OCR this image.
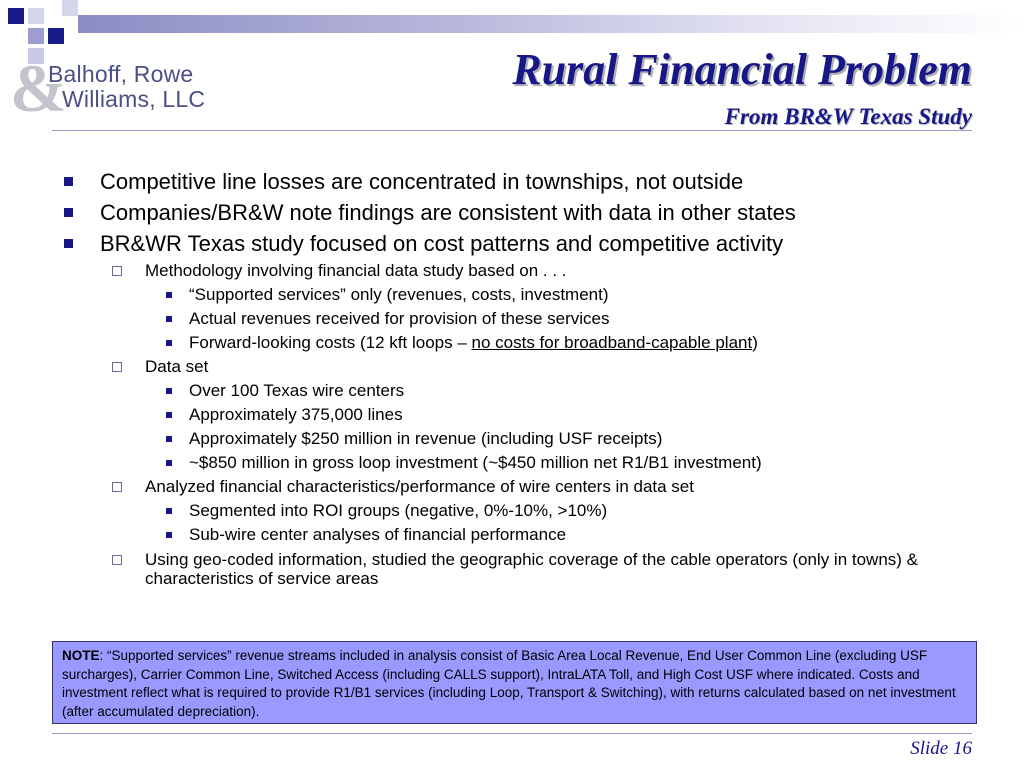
&
Balhoff, Rowe
Williams, LLC
Rural Financial Problem
From BR&W Texas Study
Competitive line losses are concentrated in townships, not outside
Companies/BR&W note findings are consistent with data in other states
BR&WR Texas study focused on cost patterns and competitive activity
Methodology involving financial data study based on . . .
“Supported services” only (revenues, costs, investment)
Actual revenues received for provision of these services
Forward-looking costs (12 kft loops – no costs for broadband-capable plant)
Data set
Over 100 Texas wire centers
Approximately 375,000 lines
Approximately $250 million in revenue (including USF receipts)
~$850 million in gross loop investment (~$450 million net R1/B1 investment)
Analyzed financial characteristics/performance of wire centers in data set
Segmented into ROI groups (negative, 0%-10%, >10%)
Sub-wire center analyses of financial performance
Using geo-coded information, studied the geographic coverage of the cable operators (only in towns) & characteristics of service areas
NOTE: “Supported services” revenue streams included in analysis consist of Basic Area Local Revenue, End User Common Line (excluding USF surcharges), Carrier Common Line, Switched Access (including CALLS support), IntraLATA Toll, and High Cost USF where indicated. Costs and investment reflect what is required to provide R1/B1 services (including Loop, Transport & Switching), with returns calculated based on net investment (after accumulated depreciation).
Slide 16
